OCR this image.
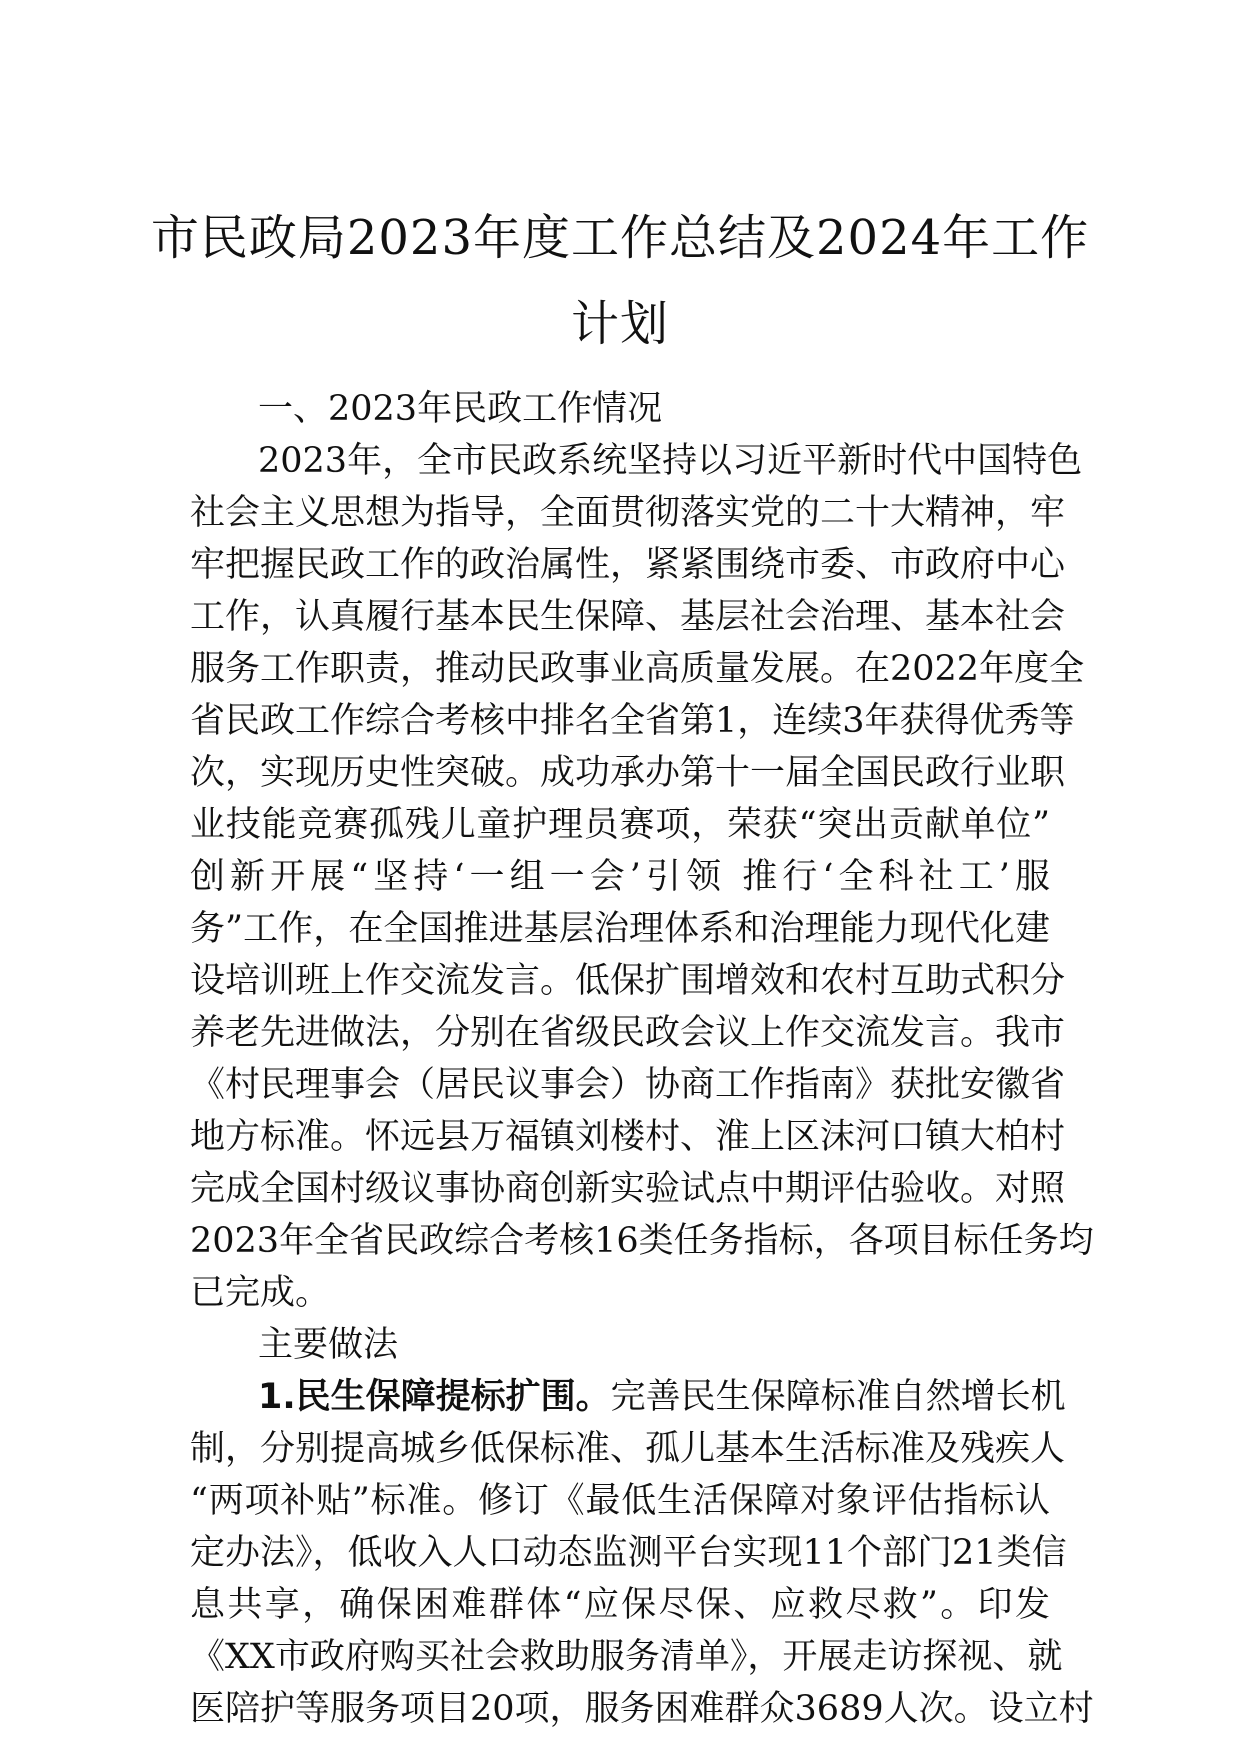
市民政局2023年度工作总结及2024年工作计划
一、2023年民政工作情况
2023年，全市民政系统坚持以习近平新时代中国特色
社会主义思想为指导，全面贯彻落实党的二十大精神，牢
牢把握民政工作的政治属性，紧紧围绕市委、市政府中心
工作，认真履行基本民生保障、基层社会治理、基本社会
服务工作职责，推动民政事业高质量发展。在2022年度全
省民政工作综合考核中排名全省第1，连续3年获得优秀等
次，实现历史性突破。成功承办第十一届全国民政行业职
业技能竞赛孤残儿童护理员赛项，荣获“突出贡献单位”
创新开展“坚持‘一组一会’引领 推行‘全科社工’服
务”工作，在全国推进基层治理体系和治理能力现代化建
设培训班上作交流发言。低保扩围增效和农村互助式积分
养老先进做法，分别在省级民政会议上作交流发言。我市
《村民理事会（居民议事会）协商工作指南》获批安徽省
地方标准。怀远县万福镇刘楼村、淮上区沫河口镇大柏村
完成全国村级议事协商创新实验试点中期评估验收。对照
2023年全省民政综合考核16类任务指标，各项目标任务均
已完成。
主要做法
1.民生保障提标扩围。完善民生保障标准自然增长机
制，分别提高城乡低保标准、孤儿基本生活标准及残疾人
“两项补贴”标准。修订《最低生活保障对象评估指标认
定办法》，低收入人口动态监测平台实现11个部门21类信
息共享，确保困难群体“应保尽保、应救尽救”。印发
《XX市政府购买社会救助服务清单》，开展走访探视、就
医陪护等服务项目20项，服务困难群众3689人次。设立村
